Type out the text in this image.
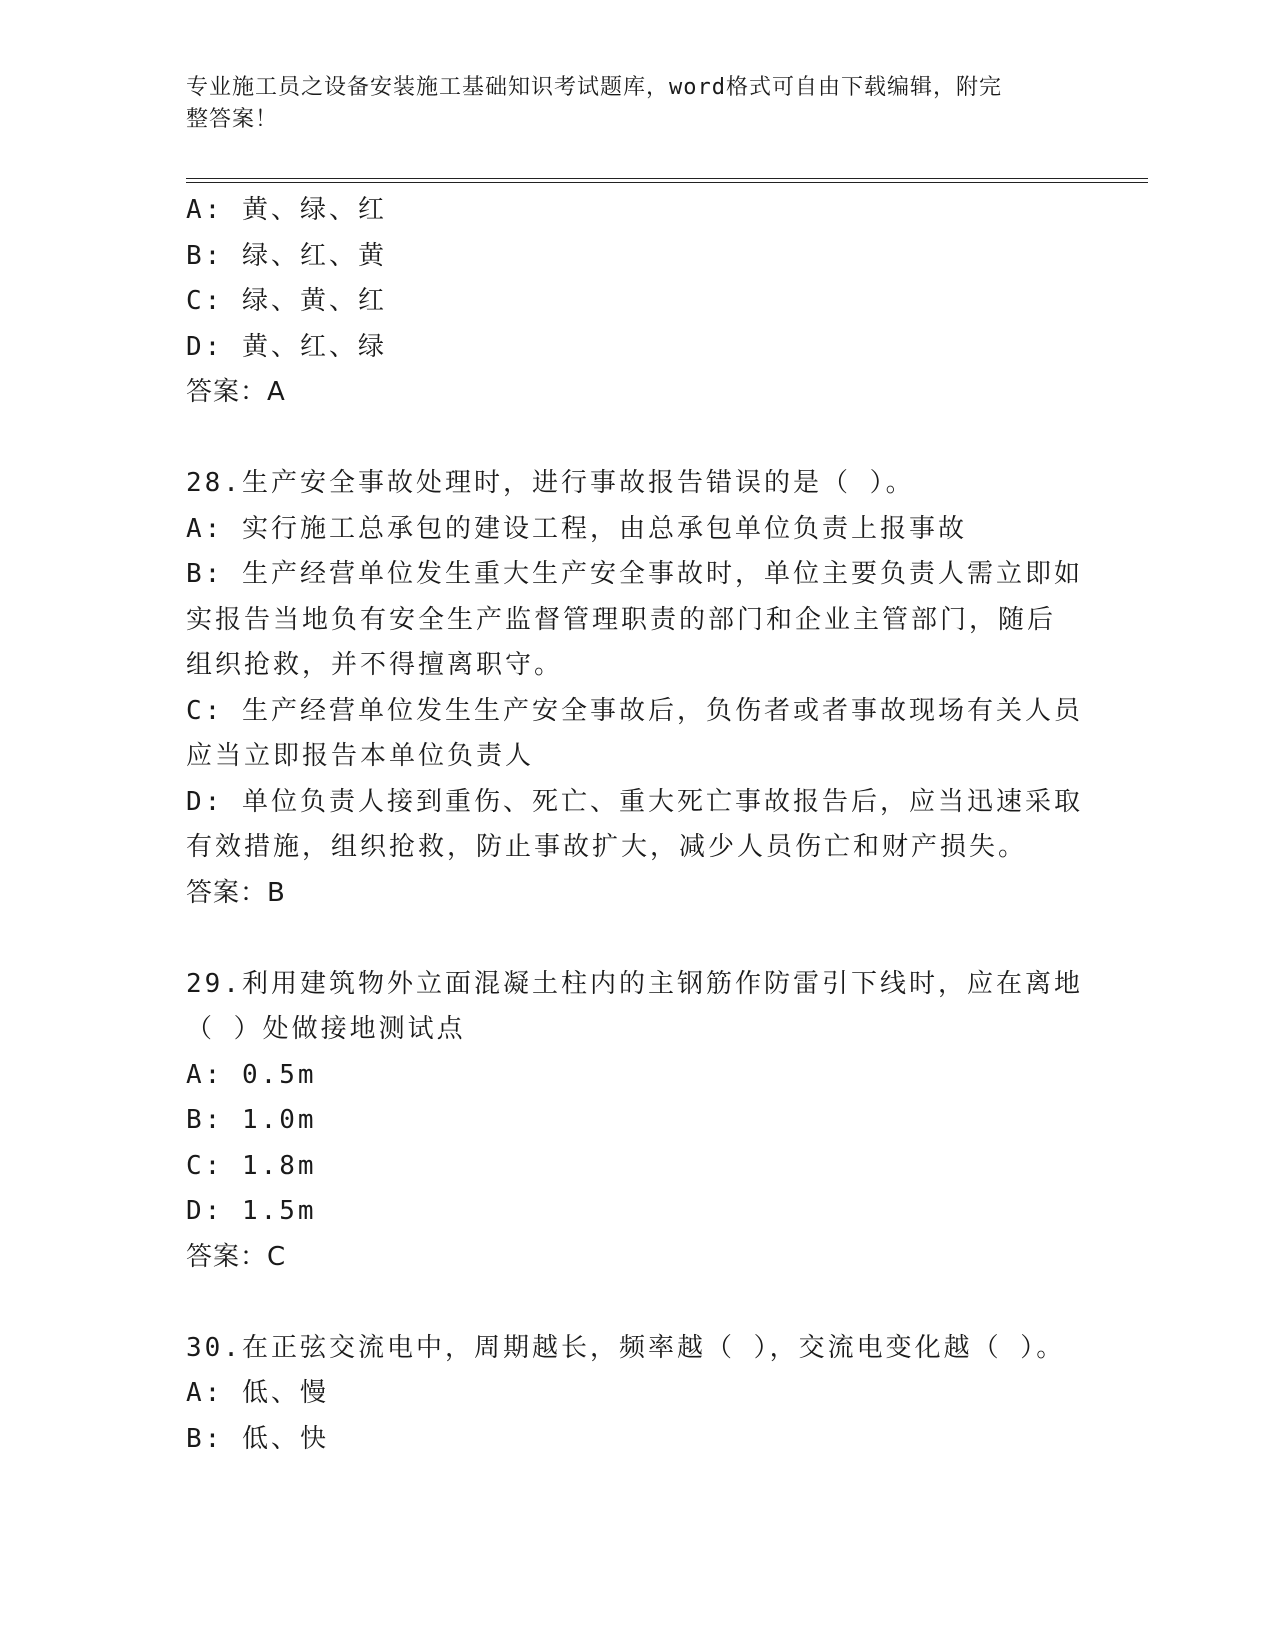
专业施工员之设备安装施工基础知识考试题库，word格式可自由下载编辑，附完
整答案！
A: 黄、绿、红
B: 绿、红、黄
C: 绿、黄、红
D: 黄、红、绿
答案：A
28.生产安全事故处理时，进行事故报告错误的是（ ）。
A: 实行施工总承包的建设工程，由总承包单位负责上报事故
B: 生产经营单位发生重大生产安全事故时，单位主要负责人需立即如
实报告当地负有安全生产监督管理职责的部门和企业主管部门，随后
组织抢救，并不得擅离职守。
C: 生产经营单位发生生产安全事故后，负伤者或者事故现场有关人员
应当立即报告本单位负责人
D: 单位负责人接到重伤、死亡、重大死亡事故报告后，应当迅速采取
有效措施，组织抢救，防止事故扩大，减少人员伤亡和财产损失。
答案：B
29.利用建筑物外立面混凝土柱内的主钢筋作防雷引下线时，应在离地
（ ）处做接地测试点
A: 0.5m
B: 1.0m
C: 1.8m
D: 1.5m
答案：C
30.在正弦交流电中，周期越长，频率越（ ），交流电变化越（ ）。
A: 低、慢
B: 低、快
